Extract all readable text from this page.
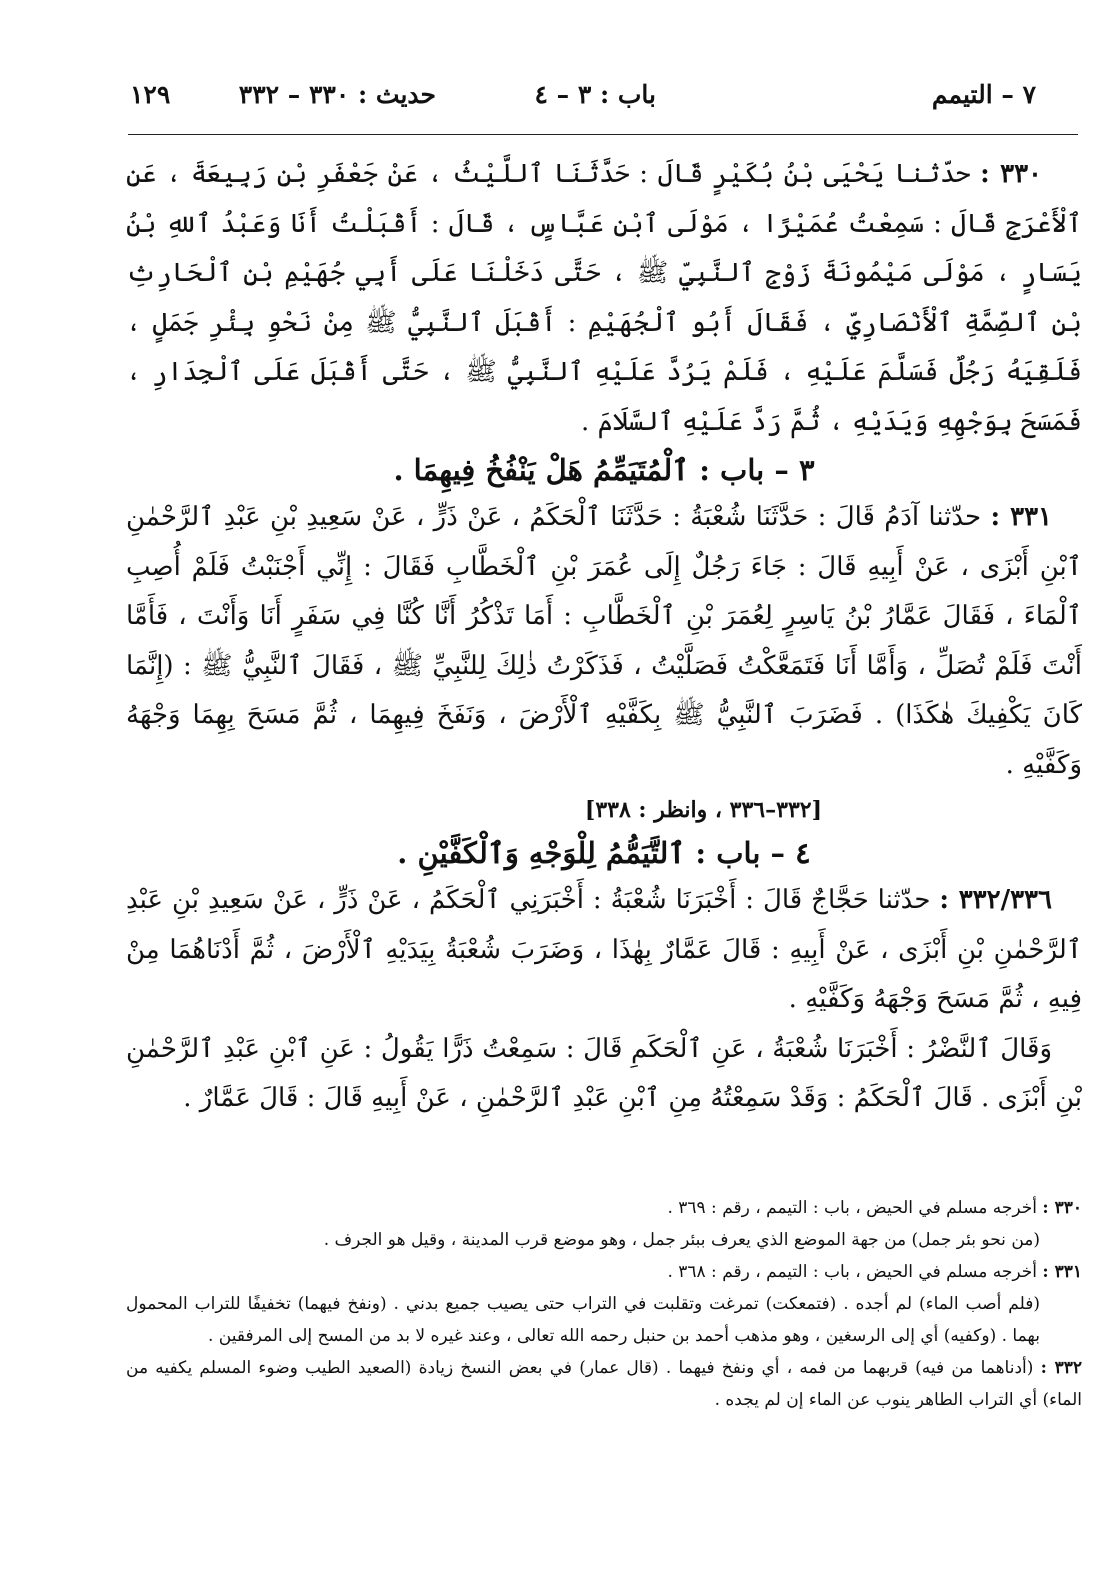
٧ – التيمم
باب : ٣ – ٤
حديث : ٣٣٠ – ٣٣٢
١٢٩

٣٣٠ : حدّثنا يَحْيَى بْنُ بُكَيْرٍ قَالَ : حَدَّثَنَا ٱللَّيْثُ ، عَنْ جَعْفَرِ بْنِ رَبِيعَةَ ، عَنِ ٱلْأَعْرَجِ قَالَ : سَمِعْتُ عُمَيْرًا ، مَوْلَى ٱبْنِ عَبَّاسٍ ، قَالَ : أَقْبَلْتُ أَنَا وَعَبْدُ ٱللهِ بْنُ يَسَارٍ ، مَوْلَى مَيْمُونَةَ زَوْجِ ٱلنَّبِيِّ ﷺ ، حَتَّى دَخَلْنَا عَلَى أَبِي جُهَيْمِ بْنِ ٱلْحَارِثِ بْنِ ٱلصِّمَّةِ ٱلْأَنْصَارِيِّ ، فَقَالَ أَبُو ٱلْجُهَيْمِ : أَقْبَلَ ٱلنَّبِيُّ ﷺ مِنْ نَحْوِ بِئْرِ جَمَلٍ ، فَلَقِيَهُ رَجُلٌ فَسَلَّمَ عَلَيْهِ ، فَلَمْ يَرُدَّ عَلَيْهِ ٱلنَّبِيُّ ﷺ ، حَتَّى أَقْبَلَ عَلَى ٱلْجِدَارِ ، فَمَسَحَ بِوَجْهِهِ وَيَدَيْهِ ، ثُمَّ رَدَّ عَلَيْهِ ٱلسَّلَامَ .

٣ – باب : ٱلْمُتَيَمِّمُ هَلْ يَنْفُخُ فِيهِمَا .

٣٣١ : حدّثنا آدَمُ قَالَ : حَدَّثَنَا شُعْبَةُ : حَدَّثَنَا ٱلْحَكَمُ ، عَنْ ذَرٍّ ، عَنْ سَعِيدِ بْنِ عَبْدِ ٱلرَّحْمٰنِ ٱبْنِ أَبْزَى ، عَنْ أَبِيهِ قَالَ : جَاءَ رَجُلٌ إِلَى عُمَرَ بْنِ ٱلْخَطَّابِ فَقَالَ : إِنِّي أَجْنَبْتُ فَلَمْ أُصِبِ ٱلْمَاءَ ، فَقَالَ عَمَّارُ بْنُ يَاسِرٍ لِعُمَرَ بْنِ ٱلْخَطَّابِ : أَمَا تَذْكُرُ أَنَّا كُنَّا فِي سَفَرٍ أَنَا وَأَنْتَ ، فَأَمَّا أَنْتَ فَلَمْ تُصَلِّ ، وَأَمَّا أَنَا فَتَمَعَّكْتُ فَصَلَّيْتُ ، فَذَكَرْتُ ذٰلِكَ لِلنَّبِيِّ ﷺ ، فَقَالَ ٱلنَّبِيُّ ﷺ : (إِنَّمَا كَانَ يَكْفِيكَ هٰكَذَا) . فَضَرَبَ ٱلنَّبِيُّ ﷺ بِكَفَّيْهِ ٱلْأَرْضَ ، وَنَفَخَ فِيهِمَا ، ثُمَّ مَسَحَ بِهِمَا وَجْهَهُ وَكَفَّيْهِ .

[٣٣٢–٣٣٦ ، وانظر : ٣٣٨]

٤ – باب : ٱلتَّيَمُّمُ لِلْوَجْهِ وَٱلْكَفَّيْنِ .

٣٣٢/٣٣٦ : حدّثنا حَجَّاجٌ قَالَ : أَخْبَرَنَا شُعْبَةُ : أَخْبَرَنِي ٱلْحَكَمُ ، عَنْ ذَرٍّ ، عَنْ سَعِيدِ بْنِ عَبْدِ ٱلرَّحْمٰنِ بْنِ أَبْزَى ، عَنْ أَبِيهِ : قَالَ عَمَّارٌ بِهٰذَا ، وَضَرَبَ شُعْبَةُ بِيَدَيْهِ ٱلْأَرْضَ ، ثُمَّ أَدْنَاهُمَا مِنْ فِيهِ ، ثُمَّ مَسَحَ وَجْهَهُ وَكَفَّيْهِ .

وَقَالَ ٱلنَّضْرُ : أَخْبَرَنَا شُعْبَةُ ، عَنِ ٱلْحَكَمِ قَالَ : سَمِعْتُ ذَرًّا يَقُولُ : عَنِ ٱبْنِ عَبْدِ ٱلرَّحْمٰنِ بْنِ أَبْزَى . قَالَ ٱلْحَكَمُ : وَقَدْ سَمِعْتُهُ مِنِ ٱبْنِ عَبْدِ ٱلرَّحْمٰنِ ، عَنْ أَبِيهِ قَالَ : قَالَ عَمَّارٌ .

٣٣٠ : أخرجه مسلم في الحيض ، باب : التيمم ، رقم : ٣٦٩ .

(من نحو بئر جمل) من جهة الموضع الذي يعرف ببئر جمل ، وهو موضع قرب المدينة ، وقيل هو الجرف .

٣٣١ : أخرجه مسلم في الحيض ، باب : التيمم ، رقم : ٣٦٨ .

(فلم أصب الماء) لم أجده . (فتمعكت) تمرغت وتقلبت في التراب حتى يصيب جميع بدني . (ونفخ فيهما) تخفيفًا للتراب المحمول بهما . (وكفيه) أي إلى الرسغين ، وهو مذهب أحمد بن حنبل رحمه الله تعالى ، وعند غيره لا بد من المسح إلى المرفقين .

٣٣٢ : (أدناهما من فيه) قربهما من فمه ، أي ونفخ فيهما . (قال عمار) في بعض النسخ زيادة (الصعيد الطيب وضوء المسلم يكفيه من الماء) أي التراب الطاهر ينوب عن الماء إن لم يجده .
